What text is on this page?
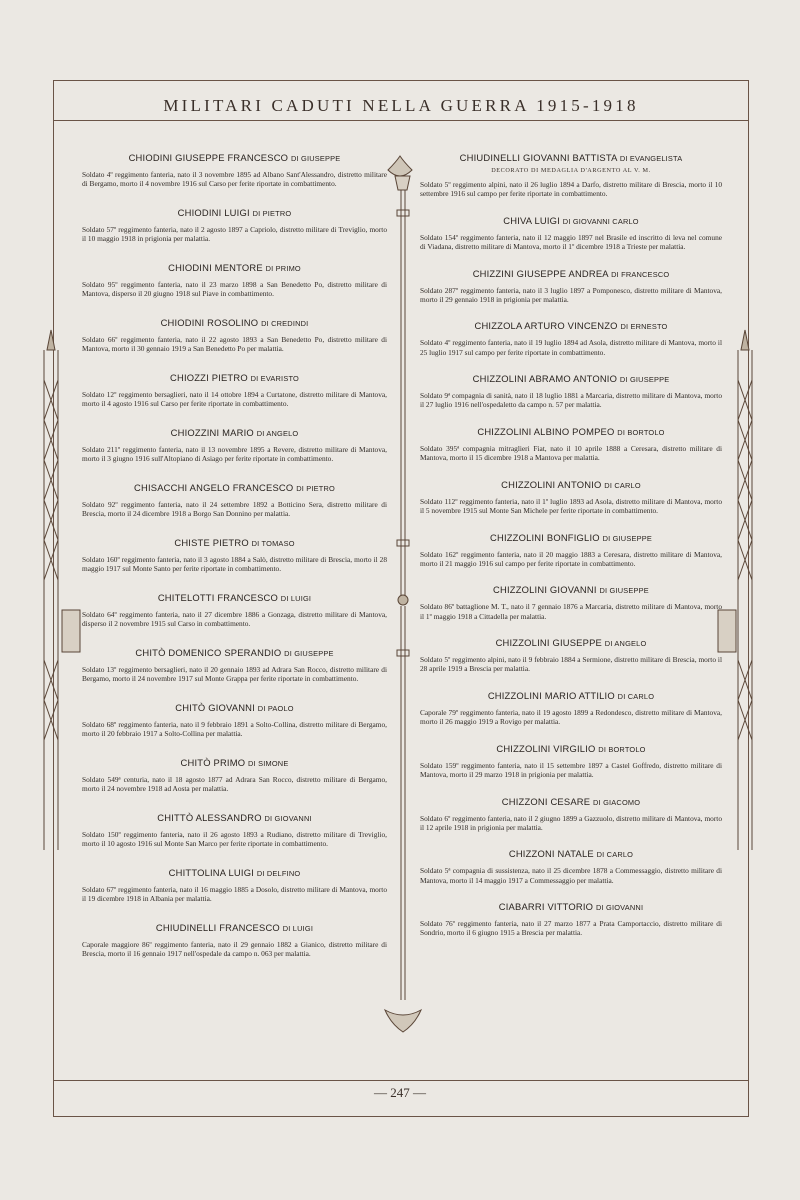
MILITARI CADUTI NELLA GUERRA 1915-1918
CHIODINI GIUSEPPE FRANCESCO DI GIUSEPPE
Soldato 4º reggimento fanteria, nato il 3 novembre 1895 ad Albano Sant'Alessandro, distretto militare di Bergamo, morto il 4 novembre 1916 sul Carso per ferite riportate in combattimento.
CHIODINI LUIGI DI PIETRO
Soldato 57º reggimento fanteria, nato il 2 agosto 1897 a Capriolo, distretto militare di Treviglio, morto il 10 maggio 1918 in prigionia per malattia.
CHIODINI MENTORE DI PRIMO
Soldato 95º reggimento fanteria, nato il 23 marzo 1898 a San Benedetto Po, distretto militare di Mantova, disperso il 20 giugno 1918 sul Piave in combattimento.
CHIODINI ROSOLINO DI CREDINDI
Soldato 66º reggimento fanteria, nato il 22 agosto 1893 a San Benedetto Po, distretto militare di Mantova, morto il 30 gennaio 1919 a San Benedetto Po per malattia.
CHIOZZI PIETRO DI EVARISTO
Soldato 12º reggimento bersaglieri, nato il 14 ottobre 1894 a Curtatone, distretto militare di Mantova, morto il 4 agosto 1916 sul Carso per ferite riportate in combattimento.
CHIOZZINI MARIO DI ANGELO
Soldato 211º reggimento fanteria, nato il 13 novembre 1895 a Revere, distretto militare di Mantova, morto il 3 giugno 1916 sull'Altopiano di Asiago per ferite riportate in combattimento.
CHISACCHI ANGELO FRANCESCO DI PIETRO
Soldato 92º reggimento fanteria, nato il 24 settembre 1892 a Botticino Sera, distretto militare di Brescia, morto il 24 dicembre 1918 a Borgo San Donnino per malattia.
CHISTE PIETRO DI TOMASO
Soldato 160º reggimento fanteria, nato il 3 agosto 1884 a Salò, distretto militare di Brescia, morto il 28 maggio 1917 sul Monte Santo per ferite riportate in combattimento.
CHITELOTTI FRANCESCO DI LUIGI
Soldato 64º reggimento fanteria, nato il 27 dicembre 1886 a Gonzaga, distretto militare di Mantova, disperso il 2 novembre 1915 sul Carso in combattimento.
CHITÒ DOMENICO SPERANDIO DI GIUSEPPE
Soldato 13º reggimento bersaglieri, nato il 20 gennaio 1893 ad Adrara San Rocco, distretto militare di Bergamo, morto il 24 novembre 1917 sul Monte Grappa per ferite riportate in combattimento.
CHITÒ GIOVANNI DI PAOLO
Soldato 68º reggimento fanteria, nato il 9 febbraio 1891 a Solto-Collina, distretto militare di Bergamo, morto il 20 febbraio 1917 a Solto-Collina per malattia.
CHITÒ PRIMO DI SIMONE
Soldato 549ª centuria, nato il 18 agosto 1877 ad Adrara San Rocco, distretto militare di Bergamo, morto il 24 novembre 1918 ad Aosta per malattia.
CHITTÒ ALESSANDRO DI GIOVANNI
Soldato 150º reggimento fanteria, nato il 26 agosto 1893 a Rudiano, distretto militare di Treviglio, morto il 10 agosto 1916 sul Monte San Marco per ferite riportate in combattimento.
CHITTOLINA LUIGI DI DELFINO
Soldato 67º reggimento fanteria, nato il 16 maggio 1885 a Dosolo, distretto militare di Mantova, morto il 19 dicembre 1918 in Albania per malattia.
CHIUDINELLI FRANCESCO DI LUIGI
Caporale maggiore 86º reggimento fanteria, nato il 29 gennaio 1882 a Gianico, distretto militare di Brescia, morto il 16 gennaio 1917 nell'ospedale da campo n. 063 per malattia.
CHIUDINELLI GIOVANNI BATTISTA DI EVANGELISTA
DECORATO DI MEDAGLIA D'ARGENTO AL V. M.
Soldato 5º reggimento alpini, nato il 26 luglio 1894 a Darfo, distretto militare di Brescia, morto il 10 settembre 1916 sul campo per ferite riportate in combattimento.
CHIVA LUIGI DI GIOVANNI CARLO
Soldato 154º reggimento fanteria, nato il 12 maggio 1897 nel Brasile ed inscritto di leva nel comune di Viadana, distretto militare di Mantova, morto il 1º dicembre 1918 a Trieste per malattia.
CHIZZINI GIUSEPPE ANDREA DI FRANCESCO
Soldato 287º reggimento fanteria, nato il 3 luglio 1897 a Pomponesco, distretto militare di Mantova, morto il 29 gennaio 1918 in prigionia per malattia.
CHIZZOLA ARTURO VINCENZO DI ERNESTO
Soldato 4º reggimento fanteria, nato il 19 luglio 1894 ad Asola, distretto militare di Mantova, morto il 25 luglio 1917 sul campo per ferite riportate in combattimento.
CHIZZOLINI ABRAMO ANTONIO DI GIUSEPPE
Soldato 9ª compagnia di sanità, nato il 18 luglio 1881 a Marcaria, distretto militare di Mantova, morto il 27 luglio 1916 nell'ospedaletto da campo n. 57 per malattia.
CHIZZOLINI ALBINO POMPEO DI BORTOLO
Soldato 395ª compagnia mitraglieri Fiat, nato il 10 aprile 1888 a Ceresara, distretto militare di Mantova, morto il 15 dicembre 1918 a Mantova per malattia.
CHIZZOLINI ANTONIO DI CARLO
Soldato 112º reggimento fanteria, nato il 1º luglio 1893 ad Asola, distretto militare di Mantova, morto il 5 novembre 1915 sul Monte San Michele per ferite riportate in combattimento.
CHIZZOLINI BONFIGLIO DI GIUSEPPE
Soldato 162º reggimento fanteria, nato il 20 maggio 1883 a Ceresara, distretto militare di Mantova, morto il 21 maggio 1916 sul campo per ferite riportate in combattimento.
CHIZZOLINI GIOVANNI DI GIUSEPPE
Soldato 86º battaglione M. T., nato il 7 gennaio 1876 a Marcaria, distretto militare di Mantova, morto il 1º maggio 1918 a Cittadella per malattia.
CHIZZOLINI GIUSEPPE DI ANGELO
Soldato 5º reggimento alpini, nato il 9 febbraio 1884 a Sermione, distretto militare di Brescia, morto il 28 aprile 1919 a Brescia per malattia.
CHIZZOLINI MARIO ATTILIO DI CARLO
Caporale 79º reggimento fanteria, nato il 19 agosto 1899 a Redondesco, distretto militare di Mantova, morto il 26 maggio 1919 a Rovigo per malattia.
CHIZZOLINI VIRGILIO DI BORTOLO
Soldato 159º reggimento fanteria, nato il 15 settembre 1897 a Castel Goffredo, distretto militare di Mantova, morto il 29 marzo 1918 in prigionia per malattia.
CHIZZONI CESARE DI GIACOMO
Soldato 6º reggimento fanteria, nato il 2 giugno 1899 a Gazzuolo, distretto militare di Mantova, morto il 12 aprile 1918 in prigionia per malattia.
CHIZZONI NATALE DI CARLO
Soldato 5ª compagnia di sussistenza, nato il 25 dicembre 1878 a Commessaggio, distretto militare di Mantova, morto il 14 maggio 1917 a Commessaggio per malattia.
CIABARRI VITTORIO DI GIOVANNI
Soldato 76º reggimento fanteria, nato il 27 marzo 1877 a Prata Camportaccio, distretto militare di Sondrio, morto il 6 giugno 1915 a Brescia per malattia.
— 247 —
